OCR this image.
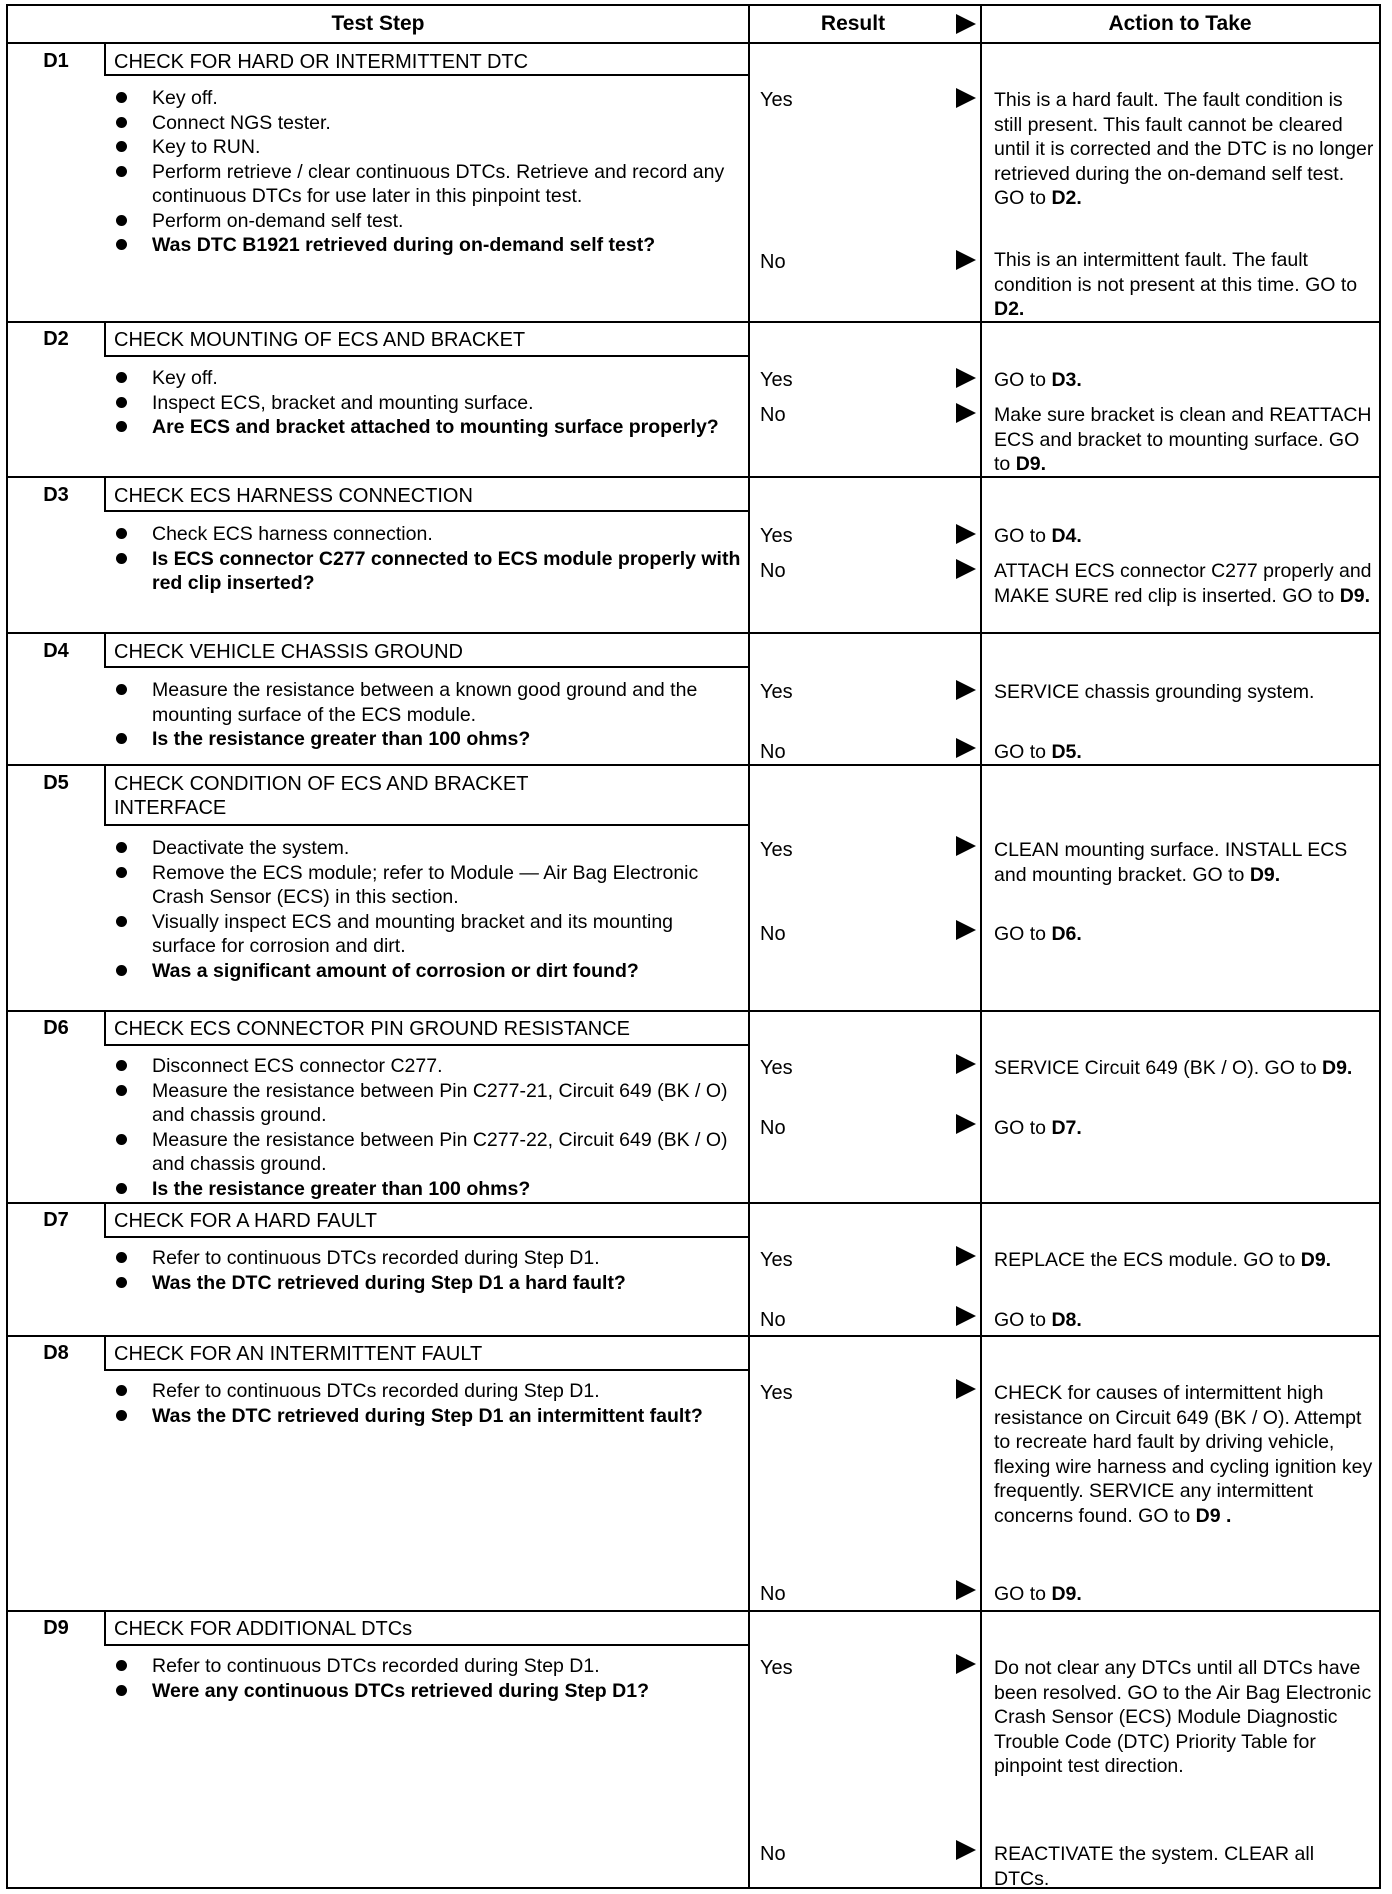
Test Step	Result	Action to Take
D1	CHECK FOR HARD OR INTERMITTENT DTC
Key off.
Connect NGS tester.
Key to RUN.
Perform retrieve / clear continuous DTCs. Retrieve and record any continuous DTCs for use later in this pinpoint test.
Perform on-demand self test.
Was DTC B1921 retrieved during on-demand self test?
Yes	This is a hard fault. The fault condition is still present. This fault cannot be cleared until it is corrected and the DTC is no longer retrieved during the on-demand self test. GO to D2.
No	This is an intermittent fault. The fault condition is not present at this time. GO to D2.
D2	CHECK MOUNTING OF ECS AND BRACKET
Key off.
Inspect ECS, bracket and mounting surface.
Are ECS and bracket attached to mounting surface properly?
Yes	GO to D3.
No	Make sure bracket is clean and REATTACH ECS and bracket to mounting surface. GO to D9.
D3	CHECK ECS HARNESS CONNECTION
Check ECS harness connection.
Is ECS connector C277 connected to ECS module properly with red clip inserted?
Yes	GO to D4.
No	ATTACH ECS connector C277 properly and MAKE SURE red clip is inserted. GO to D9.
D4	CHECK VEHICLE CHASSIS GROUND
Measure the resistance between a known good ground and the mounting surface of the ECS module.
Is the resistance greater than 100 ohms?
Yes	SERVICE chassis grounding system.
No	GO to D5.
D5	CHECK CONDITION OF ECS AND BRACKET INTERFACE
Deactivate the system.
Remove the ECS module; refer to Module — Air Bag Electronic Crash Sensor (ECS) in this section.
Visually inspect ECS and mounting bracket and its mounting surface for corrosion and dirt.
Was a significant amount of corrosion or dirt found?
Yes	CLEAN mounting surface. INSTALL ECS and mounting bracket. GO to D9.
No	GO to D6.
D6	CHECK ECS CONNECTOR PIN GROUND RESISTANCE
Disconnect ECS connector C277.
Measure the resistance between Pin C277-21, Circuit 649 (BK / O) and chassis ground.
Measure the resistance between Pin C277-22, Circuit 649 (BK / O) and chassis ground.
Is the resistance greater than 100 ohms?
Yes	SERVICE Circuit 649 (BK / O). GO to D9.
No	GO to D7.
D7	CHECK FOR A HARD FAULT
Refer to continuous DTCs recorded during Step D1.
Was the DTC retrieved during Step D1 a hard fault?
Yes	REPLACE the ECS module. GO to D9.
No	GO to D8.
D8	CHECK FOR AN INTERMITTENT FAULT
Refer to continuous DTCs recorded during Step D1.
Was the DTC retrieved during Step D1 an intermittent fault?
Yes	CHECK for causes of intermittent high resistance on Circuit 649 (BK / O). Attempt to recreate hard fault by driving vehicle, flexing wire harness and cycling ignition key frequently. SERVICE any intermittent concerns found. GO to D9 .
No	GO to D9.
D9	CHECK FOR ADDITIONAL DTCs
Refer to continuous DTCs recorded during Step D1.
Were any continuous DTCs retrieved during Step D1?
Yes	Do not clear any DTCs until all DTCs have been resolved. GO to the Air Bag Electronic Crash Sensor (ECS) Module Diagnostic Trouble Code (DTC) Priority Table for pinpoint test direction.
No	REACTIVATE the system. CLEAR all DTCs.
